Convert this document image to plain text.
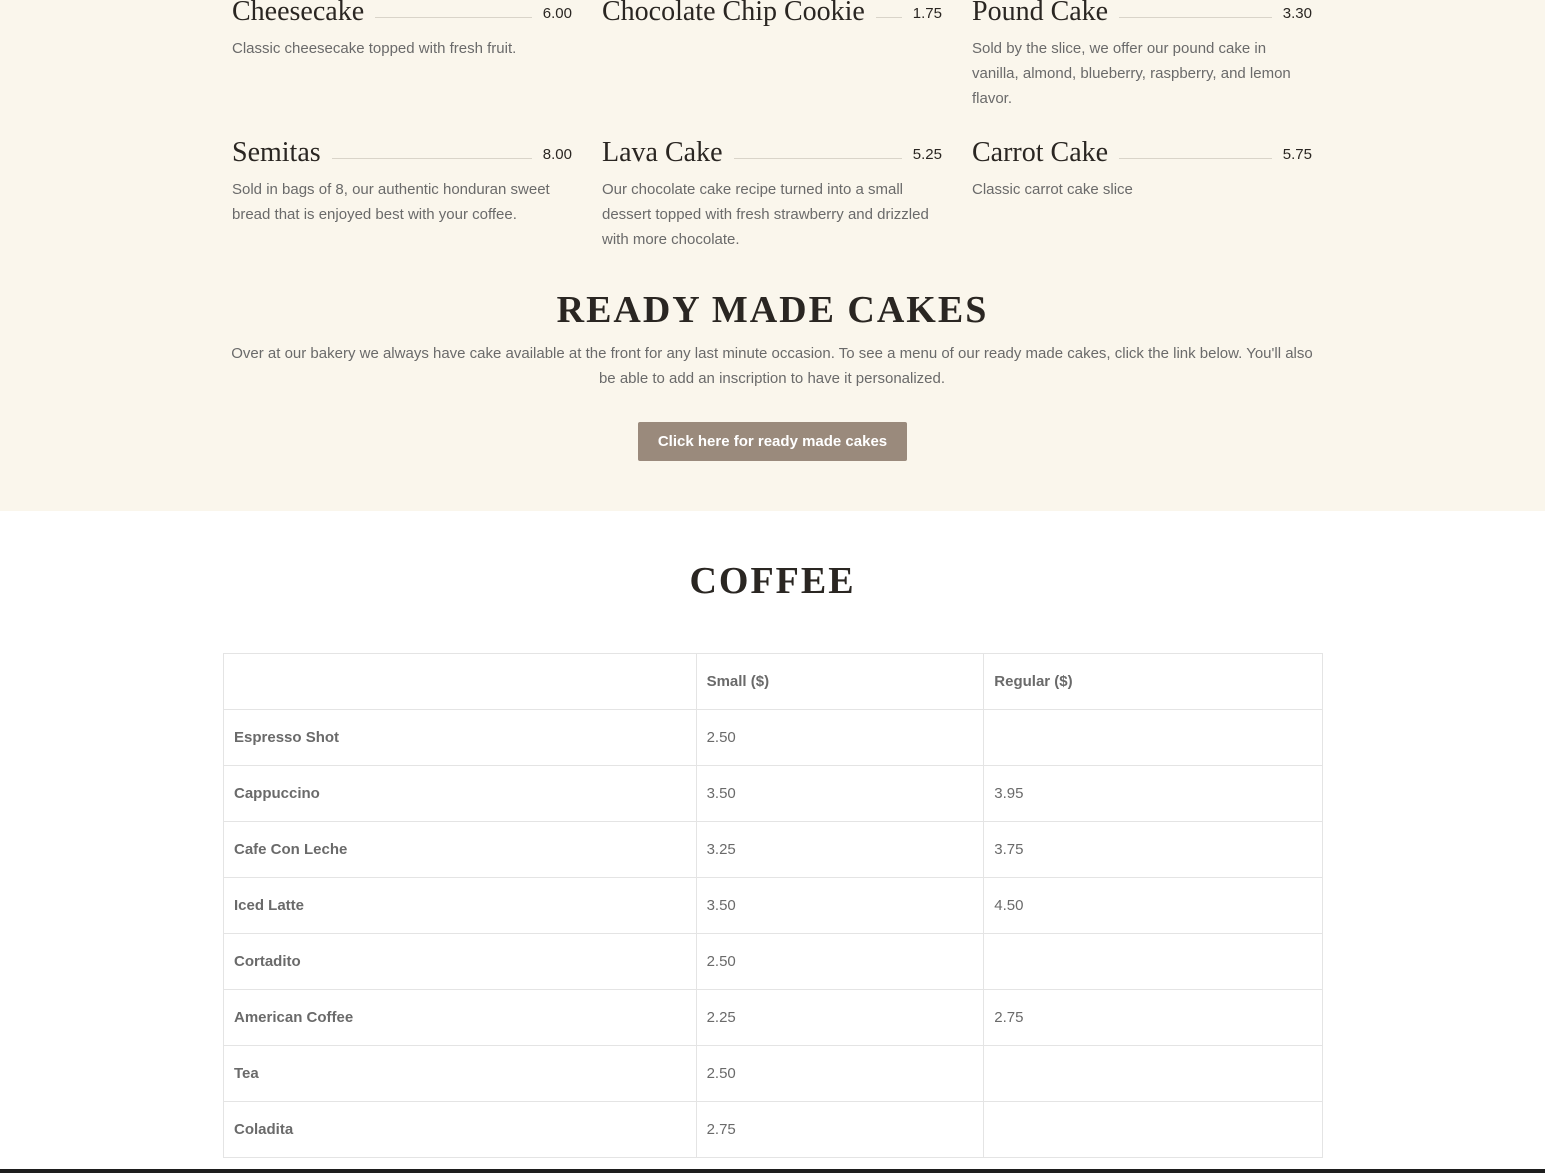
Cheesecake	6.00
Classic cheesecake topped with fresh fruit.
Chocolate Chip Cookie	1.75 Pound Cake	3.30
Sold by the slice, we offer our pound cake in vanilla, almond, blueberry, raspberry, and lemon flavor.
Semitas	8.00
Sold in bags of 8, our authentic honduran sweet bread that is enjoyed best with your coffee.
Lava Cake	5.25
Our chocolate cake recipe turned into a small dessert topped with fresh strawberry and drizzled with more chocolate.
Carrot Cake	5.75
Classic carrot cake slice
READY MADE CAKES

Over at our bakery we always have cake available at the front for any last minute occasion. To see a menu of our ready made cakes, click the link below. You'll also be able to add an inscription to have it personalized.

Click here for ready made cakes
COFFEE
	Small ($)	Regular ($)
Espresso Shot	2.50	
Cappuccino	3.50	3.95
Cafe Con Leche	3.25	3.75
Iced Latte	3.50	4.50
Cortadito	2.50	
American Coffee	2.25	2.75
Tea	2.50	
Coladita	2.75	
